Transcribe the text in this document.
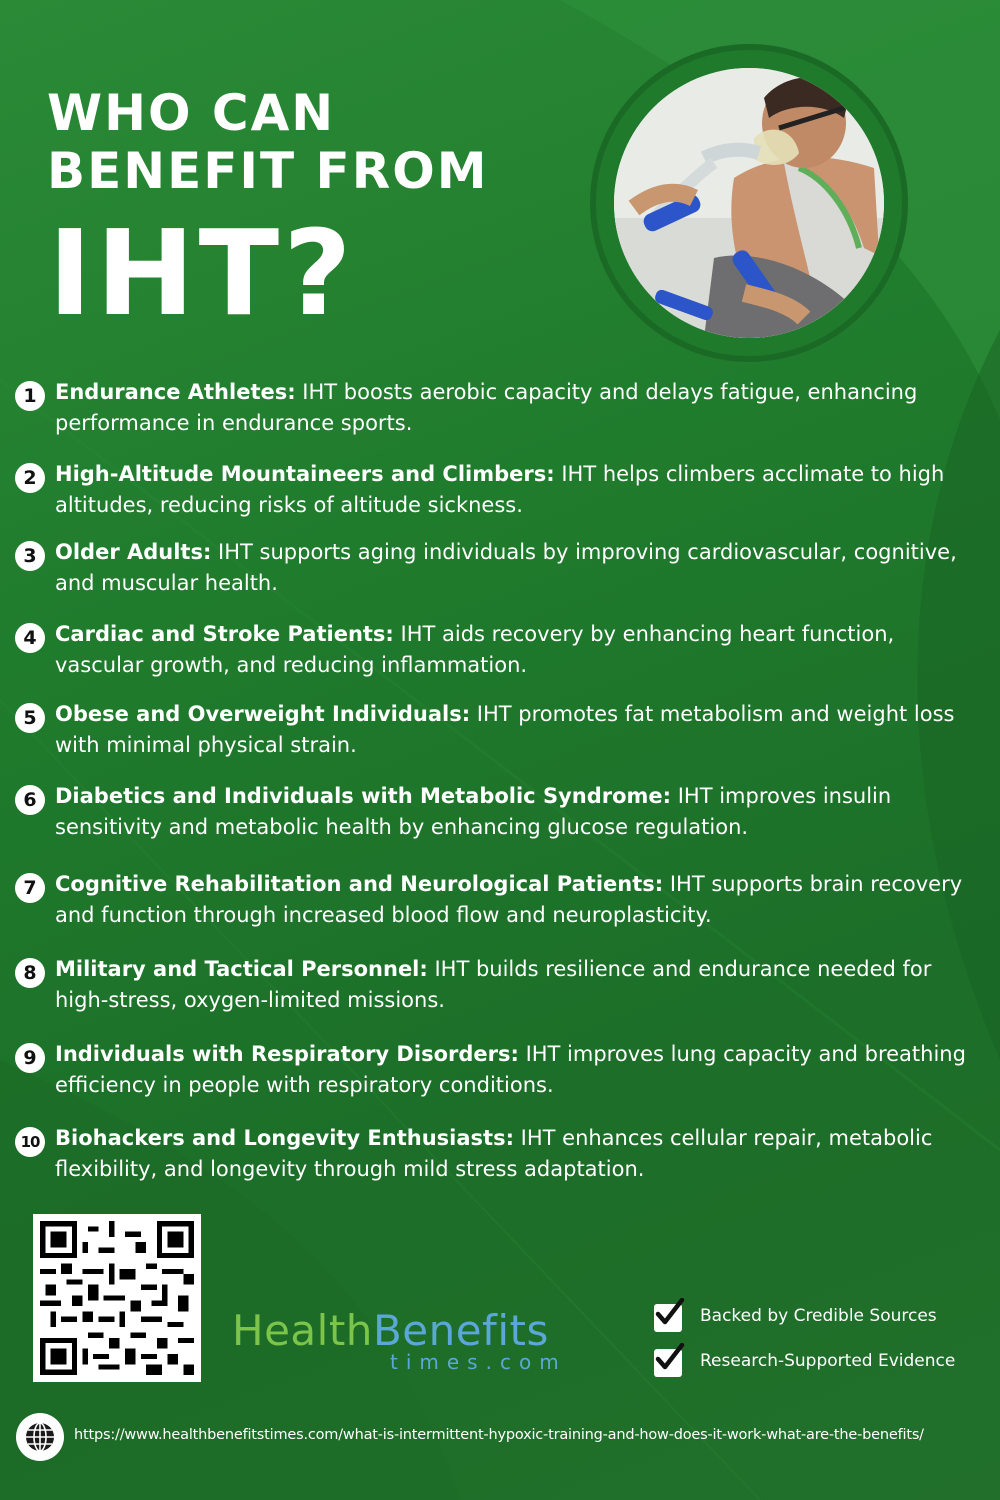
WHO CAN
BENEFIT FROM
IHT?
1 Endurance Athletes: IHT boosts aerobic capacity and delays fatigue, enhancing performance in endurance sports.
2 High-Altitude Mountaineers and Climbers: IHT helps climbers acclimate to high altitudes, reducing risks of altitude sickness.
3 Older Adults: IHT supports aging individuals by improving cardiovascular, cognitive, and muscular health.
4 Cardiac and Stroke Patients: IHT aids recovery by enhancing heart function, vascular growth, and reducing inflammation.
5 Obese and Overweight Individuals: IHT promotes fat metabolism and weight loss with minimal physical strain.
6 Diabetics and Individuals with Metabolic Syndrome: IHT improves insulin sensitivity and metabolic health by enhancing glucose regulation.
7 Cognitive Rehabilitation and Neurological Patients: IHT supports brain recovery and function through increased blood flow and neuroplasticity.
8 Military and Tactical Personnel: IHT builds resilience and endurance needed for high-stress, oxygen-limited missions.
9 Individuals with Respiratory Disorders: IHT improves lung capacity and breathing efficiency in people with respiratory conditions.
10 Biohackers and Longevity Enthusiasts: IHT enhances cellular repair, metabolic flexibility, and longevity through mild stress adaptation.
HealthBenefits
times.com
Backed by Credible Sources
Research-Supported Evidence
https://www.healthbenefitstimes.com/what-is-intermittent-hypoxic-training-and-how-does-it-work-what-are-the-benefits/
